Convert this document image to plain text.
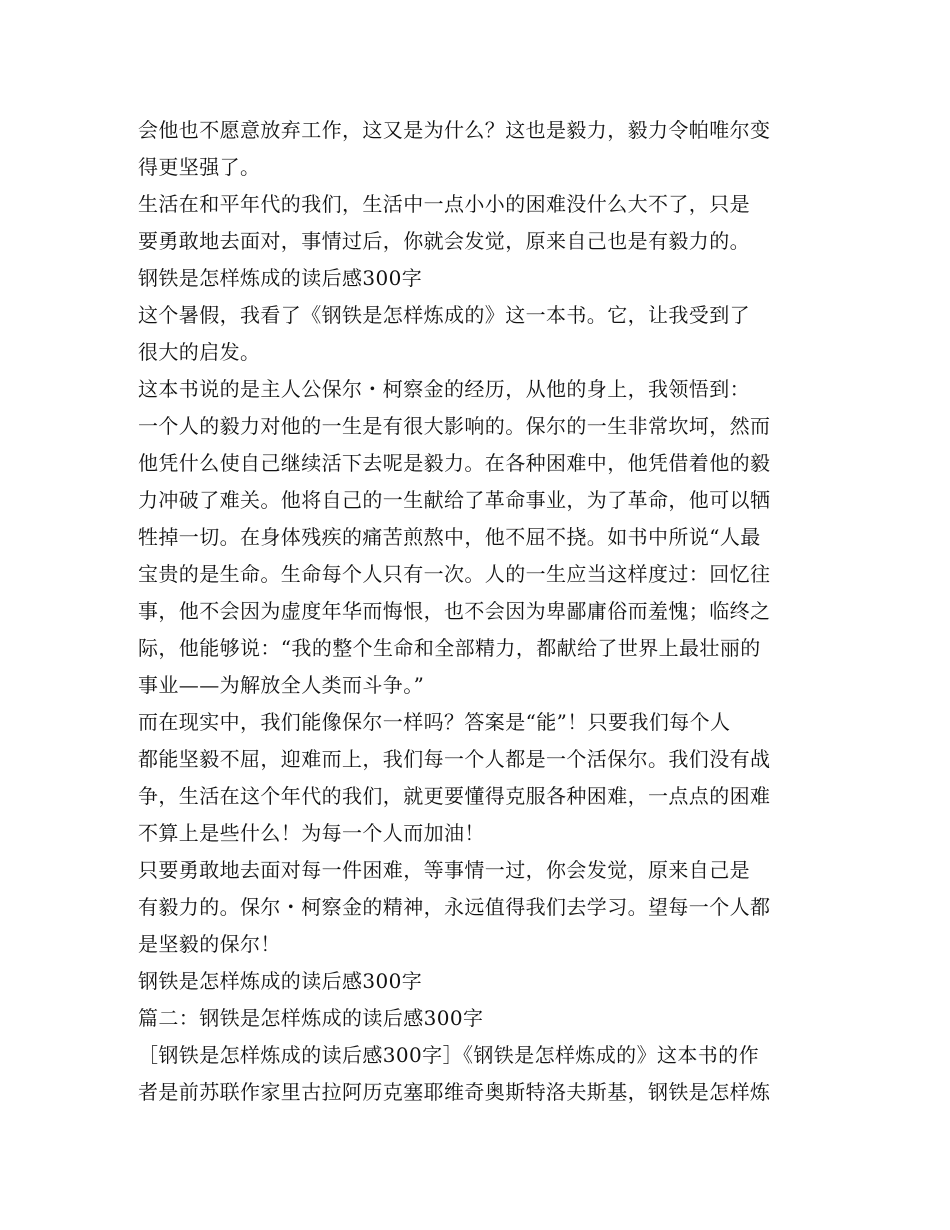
会他也不愿意放弃工作，这又是为什么？这也是毅力，毅力令帕唯尔变
得更坚强了。
生活在和平年代的我们，生活中一点小小的困难没什么大不了，只是
要勇敢地去面对，事情过后，你就会发觉，原来自己也是有毅力的。
钢铁是怎样炼成的读后感300字
这个暑假，我看了《钢铁是怎样炼成的》这一本书。它，让我受到了
很大的启发。
这本书说的是主人公保尔・柯察金的经历，从他的身上，我领悟到：
一个人的毅力对他的一生是有很大影响的。保尔的一生非常坎坷，然而
他凭什么使自己继续活下去呢是毅力。在各种困难中，他凭借着他的毅
力冲破了难关。他将自己的一生献给了革命事业，为了革命，他可以牺
牲掉一切。在身体残疾的痛苦煎熬中，他不屈不挠。如书中所说“人最
宝贵的是生命。生命每个人只有一次。人的一生应当这样度过：回忆往
事，他不会因为虚度年华而悔恨，也不会因为卑鄙庸俗而羞愧；临终之
际，他能够说：“我的整个生命和全部精力，都献给了世界上最壮丽的
事业——为解放全人类而斗争。”
而在现实中，我们能像保尔一样吗？答案是“能”！只要我们每个人
都能坚毅不屈，迎难而上，我们每一个人都是一个活保尔。我们没有战
争，生活在这个年代的我们，就更要懂得克服各种困难，一点点的困难
不算上是些什么！为每一个人而加油！
只要勇敢地去面对每一件困难，等事情一过，你会发觉，原来自己是
有毅力的。保尔・柯察金的精神，永远值得我们去学习。望每一个人都
是坚毅的保尔！
钢铁是怎样炼成的读后感300字
篇二：钢铁是怎样炼成的读后感300字
［钢铁是怎样炼成的读后感300字］《钢铁是怎样炼成的》这本书的作
者是前苏联作家里古拉阿历克塞耶维奇奥斯特洛夫斯基，钢铁是怎样炼
